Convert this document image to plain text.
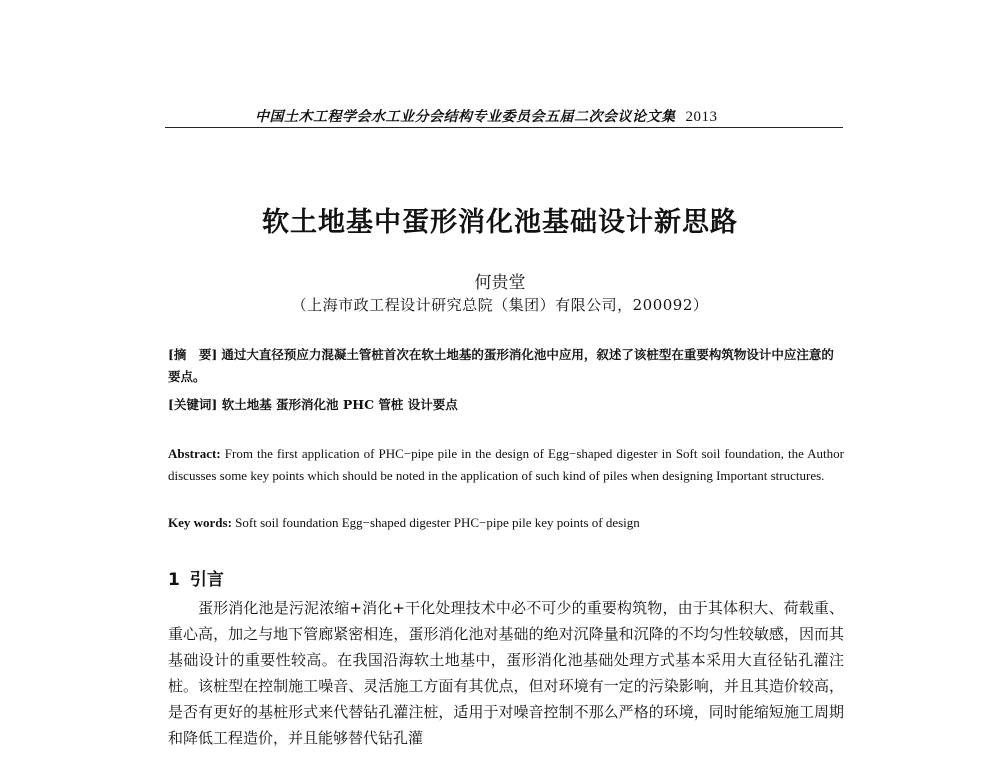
中国土木工程学会水工业分会结构专业委员会五届二次会议论文集 2013
软土地基中蛋形消化池基础设计新思路
何贵堂
（上海市政工程设计研究总院（集团）有限公司，200092）
[摘　要] 通过大直径预应力混凝土管桩首次在软土地基的蛋形消化池中应用，叙述了该桩型在重要构筑物设计中应注意的要点。
[关键词] 软土地基 蛋形消化池 PHC 管桩 设计要点
Abstract: From the first application of PHC−pipe pile in the design of Egg−shaped digester in Soft soil foundation, the Author discusses some key points which should be noted in the application of such kind of piles when designing Important structures.
Key words: Soft soil foundation Egg−shaped digester PHC−pipe pile key points of design
1 引言
蛋形消化池是污泥浓缩+消化+干化处理技术中必不可少的重要构筑物，由于其体积大、荷载重、重心高，加之与地下管廊紧密相连，蛋形消化池对基础的绝对沉降量和沉降的不均匀性较敏感，因而其基础设计的重要性较高。在我国沿海软土地基中，蛋形消化池基础处理方式基本采用大直径钻孔灌注桩。该桩型在控制施工噪音、灵活施工方面有其优点，但对环境有一定的污染影响，并且其造价较高，是否有更好的基桩形式来代替钻孔灌注桩，适用于对噪音控制不那么严格的环境，同时能缩短施工周期和降低工程造价，并且能够替代钻孔灌
